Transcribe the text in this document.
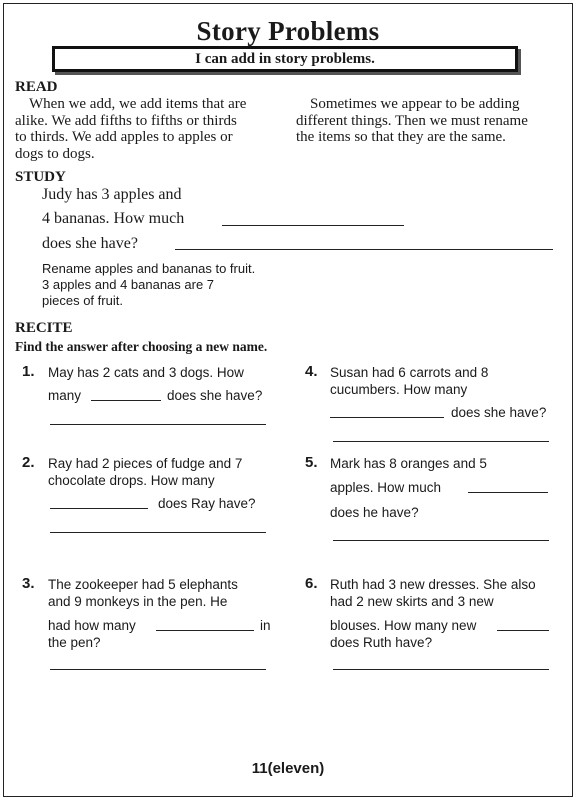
Story Problems
I can add in story problems.
READ
When we add, we add items that are
alike. We add fifths to fifths or thirds
to thirds. We add apples to apples or
dogs to dogs.
Sometimes we appear to be adding
different things. Then we must rename
the items so that they are the same.
STUDY
Judy has 3 apples and
4 bananas. How much
does she have?
Rename apples and bananas to fruit.
3 apples and 4 bananas are 7
pieces of fruit.
RECITE
Find the answer after choosing a new name.
1. May has 2 cats and 3 dogs. How
many	does she have?
2. Ray had 2 pieces of fudge and 7
chocolate drops. How many
does Ray have?
3. The zookeeper had 5 elephants
and 9 monkeys in the pen. He
had how many	in
the pen?
4. Susan had 6 carrots and 8
cucumbers. How many
does she have?
5. Mark has 8 oranges and 5
apples. How much
does he have?
6. Ruth had 3 new dresses. She also
had 2 new skirts and 3 new
blouses. How many new
does Ruth have?
11(eleven)
